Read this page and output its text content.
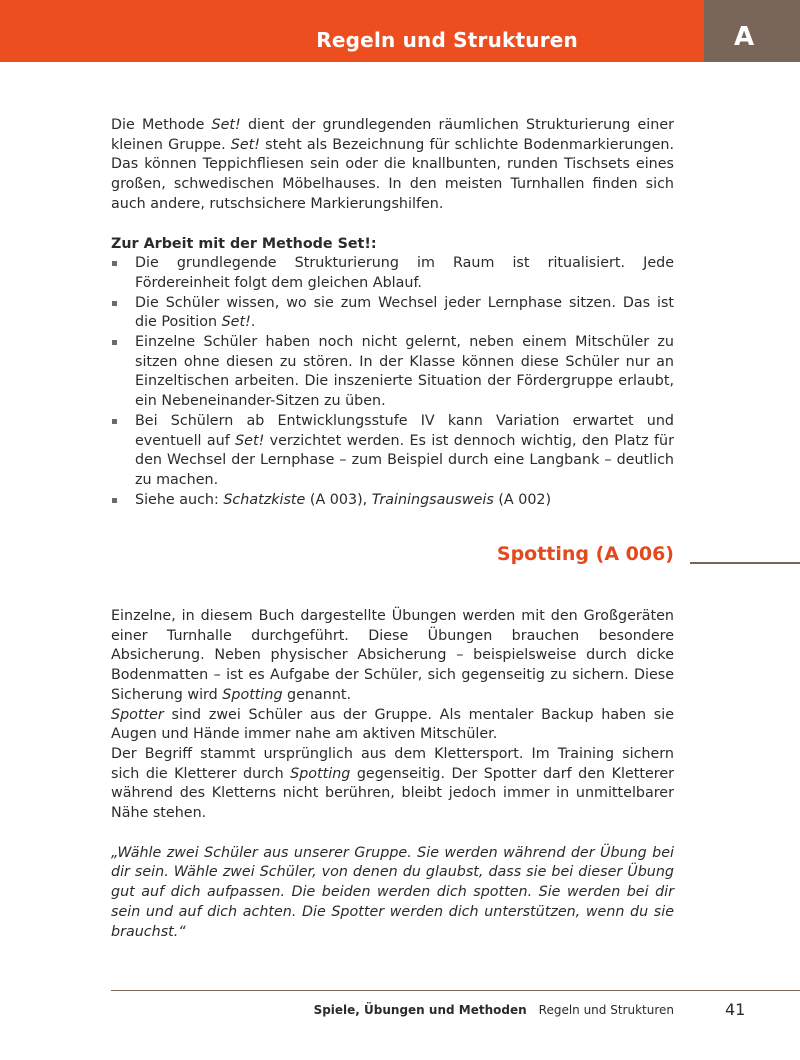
Regeln und Strukturen	A

Die Methode Set! dient der grundlegenden räumlichen Strukturierung einer kleinen Gruppe. Set! steht als Bezeichnung für schlichte Bodenmarkierungen. Das können Teppichfliesen sein oder die knallbunten, runden Tischsets eines großen, schwedischen Möbelhauses. In den meisten Turnhallen finden sich auch andere, rutschsichere Markierungshilfen.

Zur Arbeit mit der Methode Set!:

Die grundlegende Strukturierung im Raum ist ritualisiert. Jede Fördereinheit folgt dem gleichen Ablauf.
Die Schüler wissen, wo sie zum Wechsel jeder Lernphase sitzen. Das ist die Position Set!.
Einzelne Schüler haben noch nicht gelernt, neben einem Mitschüler zu sitzen ohne diesen zu stören. In der Klasse können diese Schüler nur an Einzeltischen arbeiten. Die inszenierte Situation der Fördergruppe erlaubt, ein Nebeneinander-Sitzen zu üben.
Bei Schülern ab Entwicklungsstufe IV kann Variation erwartet und eventuell auf Set! verzichtet werden. Es ist dennoch wichtig, den Platz für den Wechsel der Lernphase – zum Beispiel durch eine Langbank – deutlich zu machen.
Siehe auch: Schatzkiste (A 003), Trainingsausweis (A 002)
Spotting (A 006)

Einzelne, in diesem Buch dargestellte Übungen werden mit den Großgeräten einer Turnhalle durchgeführt. Diese Übungen brauchen besondere Absicherung. Neben physischer Absicherung – beispielsweise durch dicke Bodenmatten – ist es Aufgabe der Schüler, sich gegenseitig zu sichern. Diese Sicherung wird Spotting genannt.

Spotter sind zwei Schüler aus der Gruppe. Als mentaler Backup haben sie Augen und Hände immer nahe am aktiven Mitschüler.

Der Begriff stammt ursprünglich aus dem Klettersport. Im Training sichern sich die Kletterer durch Spotting gegenseitig. Der Spotter darf den Kletterer während des Kletterns nicht berühren, bleibt jedoch immer in unmittelbarer Nähe stehen.

„Wähle zwei Schüler aus unserer Gruppe. Sie werden während der Übung bei dir sein. Wähle zwei Schüler, von denen du glaubst, dass sie bei dieser Übung gut auf dich aufpassen. Die beiden werden dich spotten. Sie werden bei dir sein und auf dich achten. Die Spotter werden dich unterstützen, wenn du sie brauchst.“

Spiele, Übungen und Methoden Regeln und Strukturen	41
